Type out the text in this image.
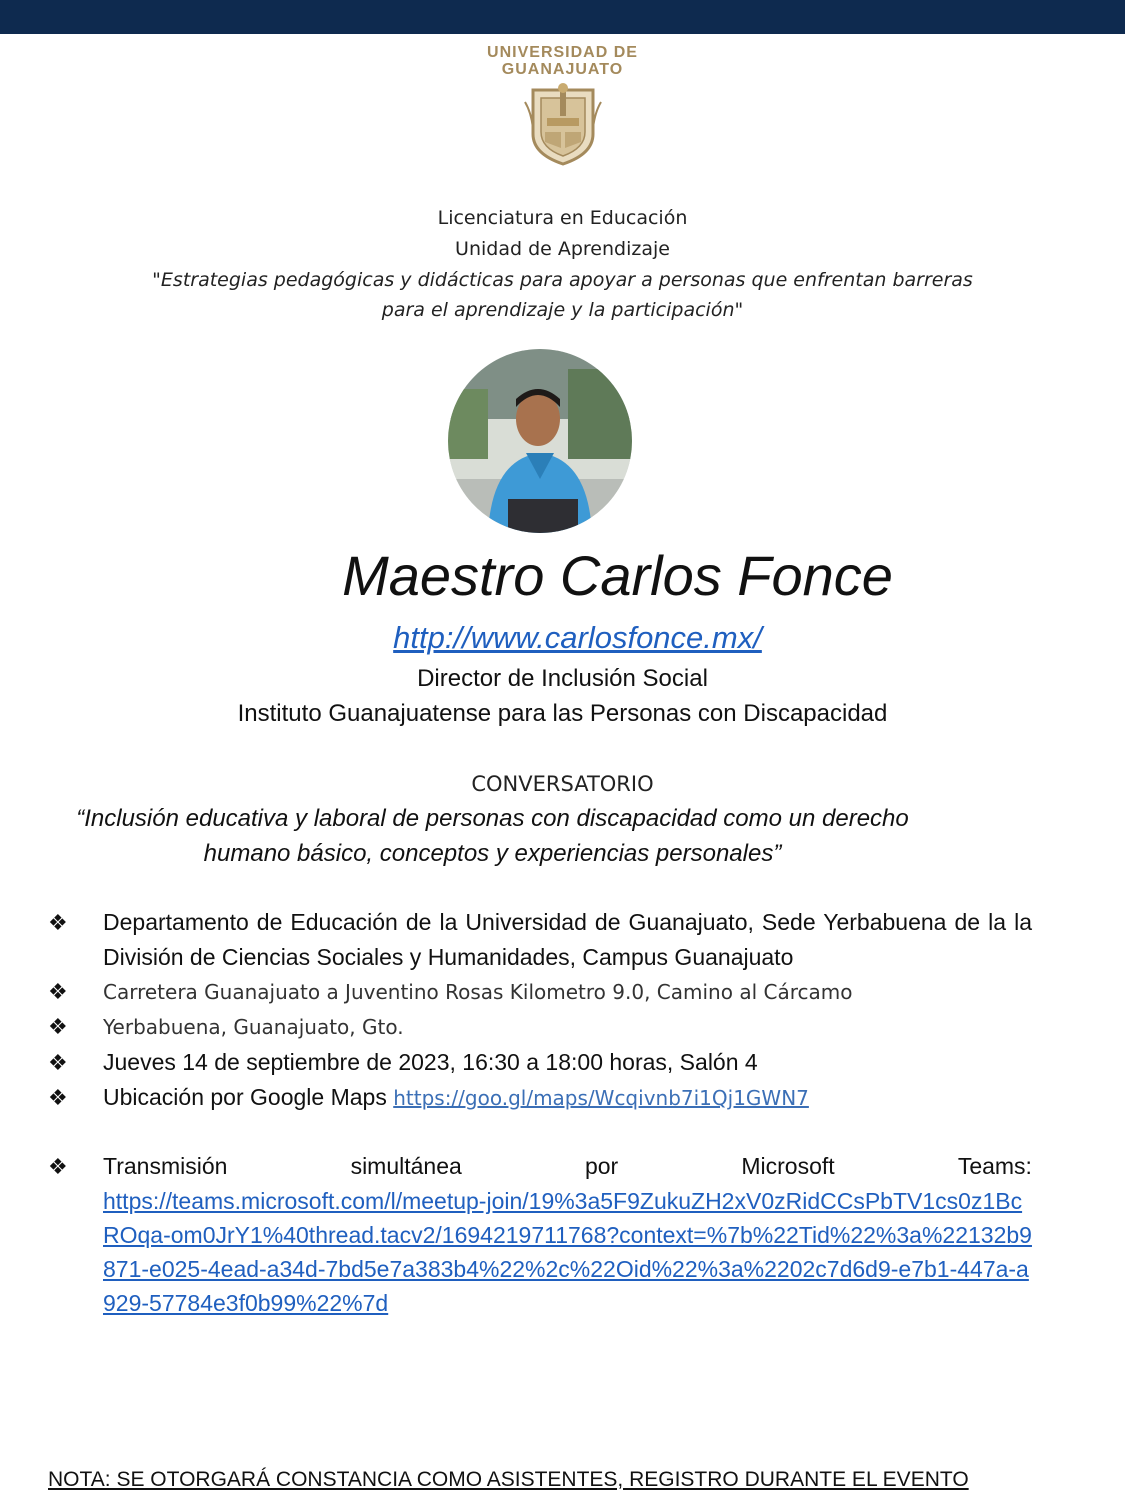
UNIVERSIDAD DE
GUANAJUATO
Licenciatura en Educación
Unidad de Aprendizaje
"Estrategias pedagógicas y didácticas para apoyar a personas que enfrentan barreras
para el aprendizaje y la participación"
Maestro Carlos Fonce
http://www.carlosfonce.mx/
Director de Inclusión Social
Instituto Guanajuatense para las Personas con Discapacidad
CONVERSATORIO
“Inclusión educativa y laboral de personas con discapacidad como un derecho
humano básico, conceptos y experiencias personales”
❖ Departamento de Educación de la Universidad de Guanajuato, Sede Yerbabuena de la la División de Ciencias Sociales y Humanidades, Campus Guanajuato
❖ Carretera Guanajuato a Juventino Rosas Kilometro 9.0, Camino al Cárcamo
❖ Yerbabuena, Guanajuato, Gto.
❖ Jueves 14 de septiembre de 2023, 16:30 a 18:00 horas, Salón 4
❖ Ubicación por Google Maps https://goo.gl/maps/Wcqivnb7i1Qj1GWN7
❖ Transmisión	simultánea	por	Microsoft	Teams:
https://teams.microsoft.com/l/meetup-join/19%3a5F9ZukuZH2xV0zRidCCsPbTV1cs0z1BcROqa-om0JrY1%40thread.tacv2/1694219711768?context=%7b%22Tid%22%3a%22132b9871-e025-4ead-a34d-7bd5e7a383b4%22%2c%22Oid%22%3a%2202c7d6d9-e7b1-447a-a929-57784e3f0b99%22%7d
NOTA: SE OTORGARÁ CONSTANCIA COMO ASISTENTES, REGISTRO DURANTE EL EVENTO
